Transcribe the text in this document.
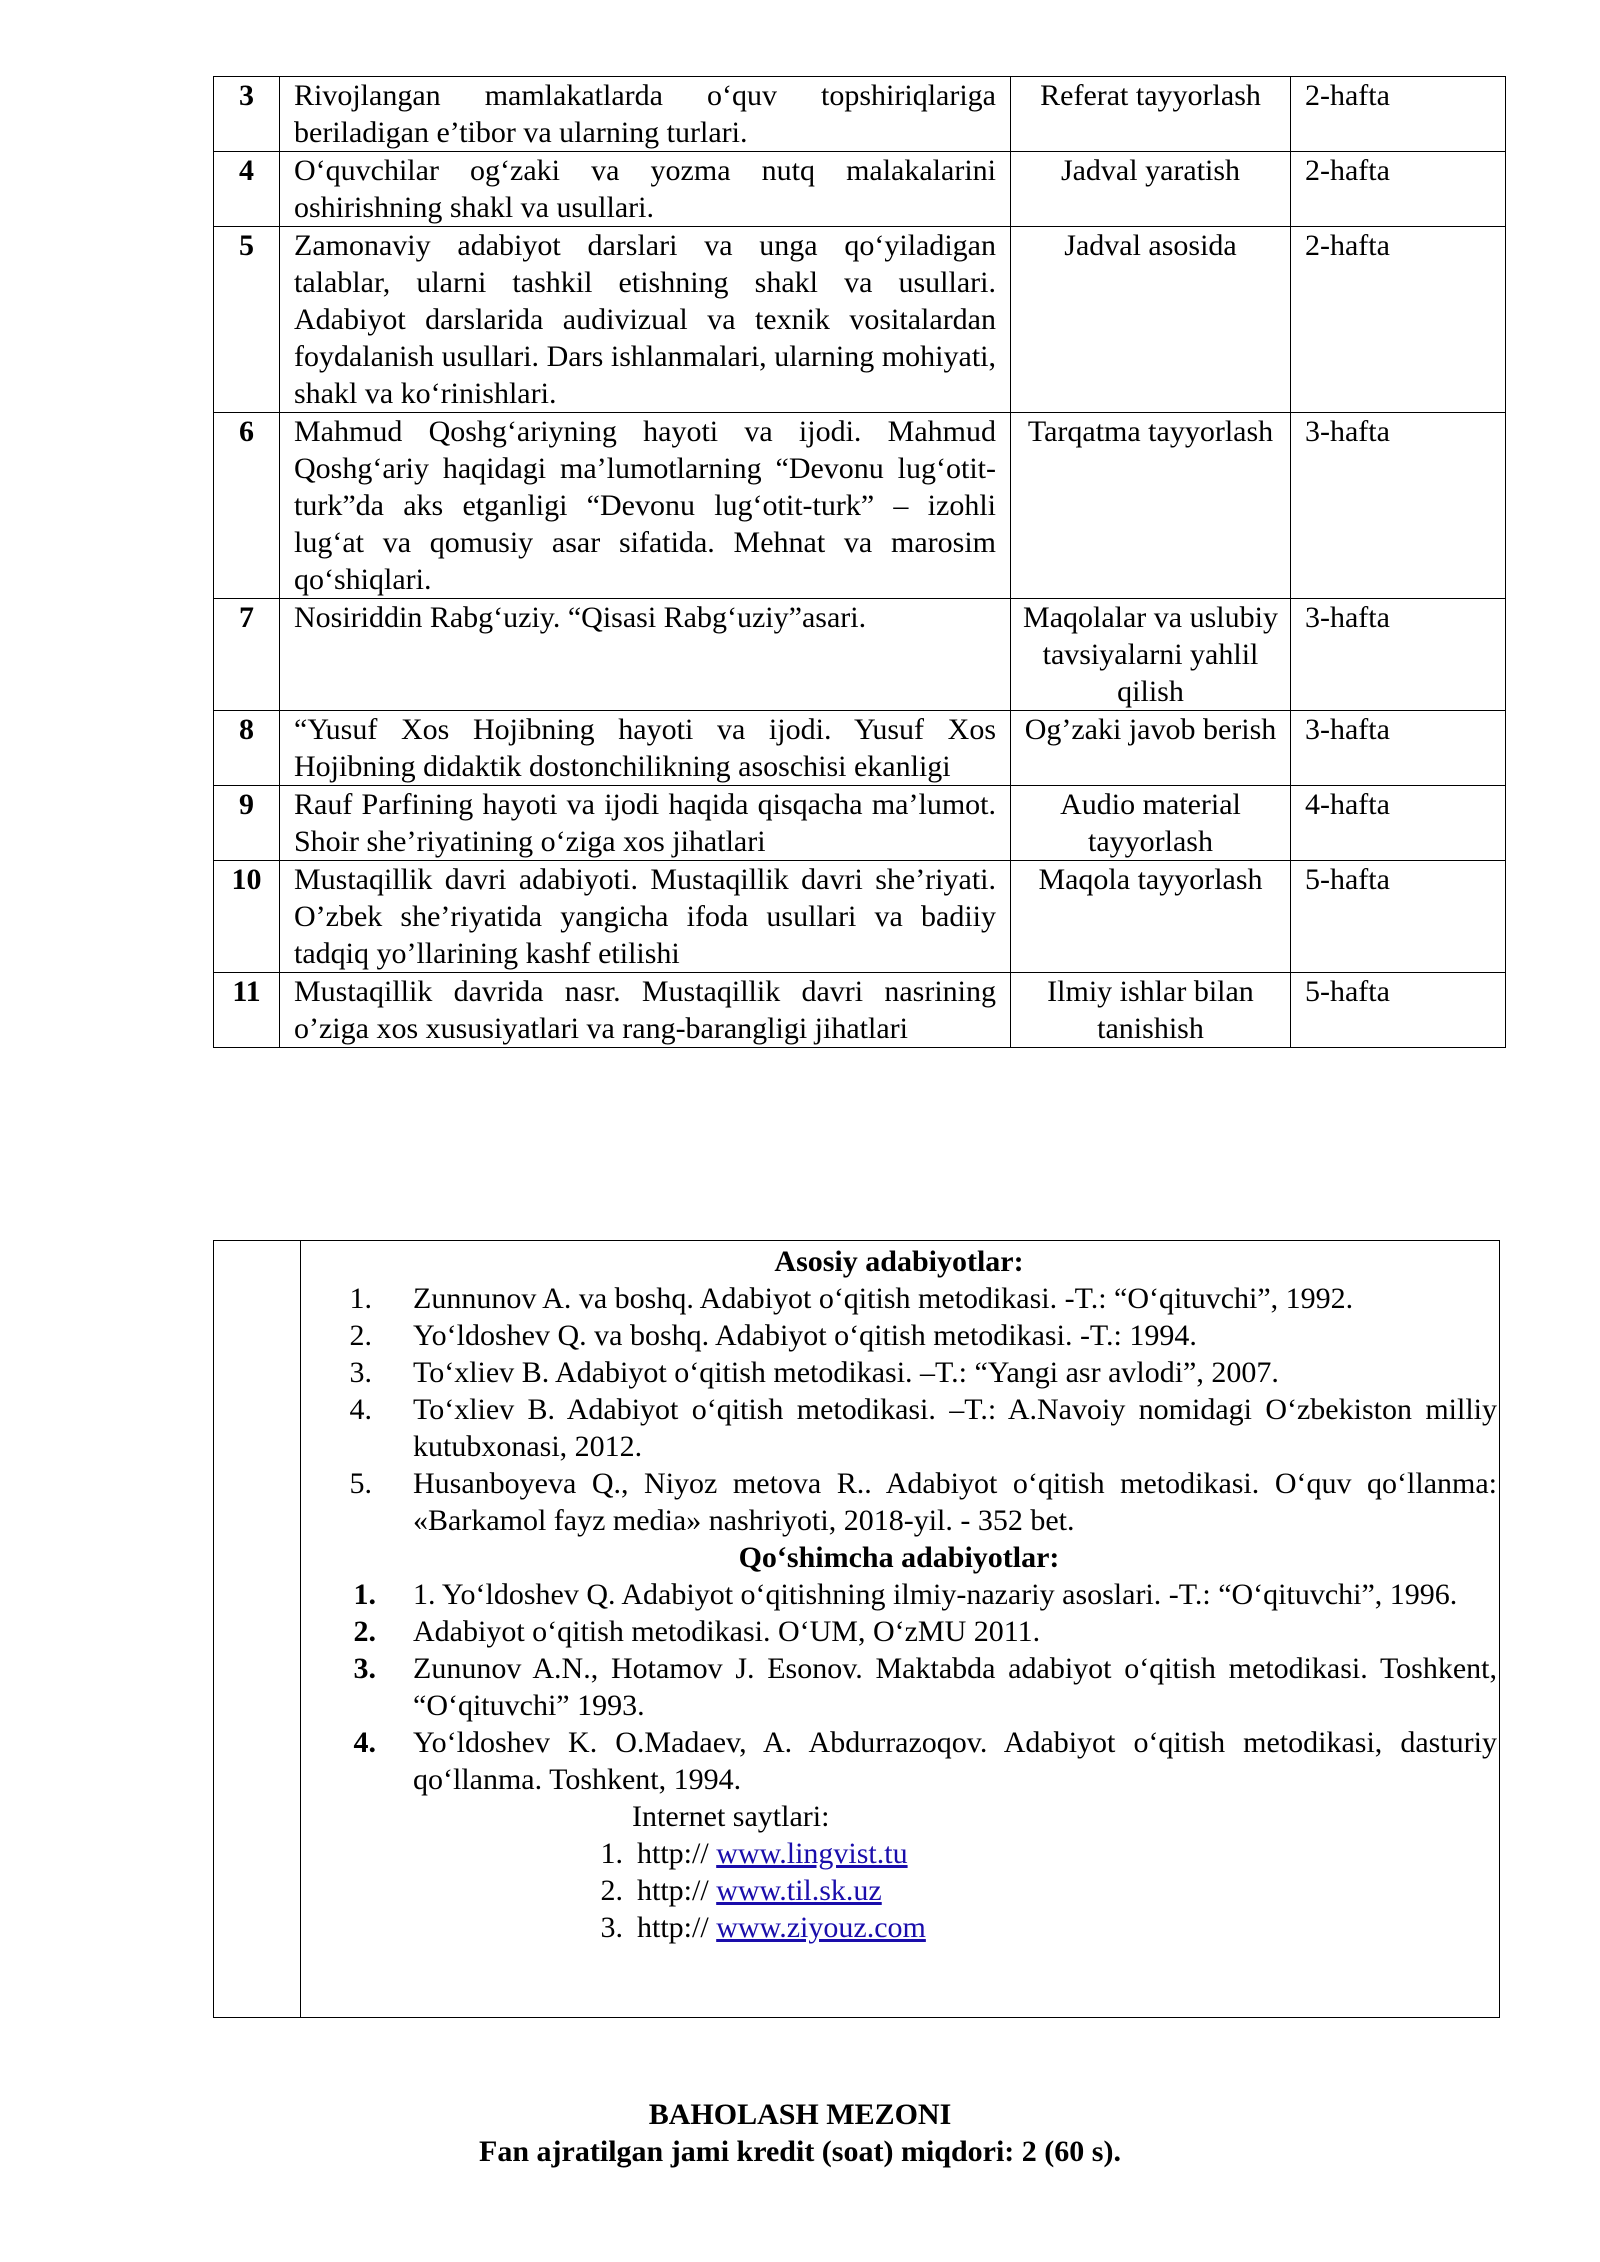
3	Rivojlangan mamlakatlarda o‘quv topshiriqlariga beriladigan e’tibor va ularning turlari.	Referat tayyorlash	2-hafta
4	O‘quvchilar og‘zaki va yozma nutq malakalarini oshirishning shakl va usullari.	Jadval yaratish	2-hafta
5	Zamonaviy adabiyot darslari va unga qo‘yiladigan talablar, ularni tashkil etishning shakl va usullari. Adabiyot darslarida audivizual va texnik vositalardan foydalanish usullari. Dars ishlanmalari, ularning mohiyati, shakl va ko‘rinishlari.	Jadval asosida	2-hafta
6	Mahmud Qoshg‘ariyning hayoti va ijodi. Mahmud Qoshg‘ariy haqidagi ma’lumotlarning “Devonu lug‘otit-turk”da aks etganligi “Devonu lug‘otit-turk” – izohli lug‘at va qomusiy asar sifatida. Mehnat va marosim qo‘shiqlari.	Tarqatma tayyorlash	3-hafta
7	Nosiriddin Rabg‘uziy. “Qisasi Rabg‘uziy”asari.	Maqolalar va uslubiy tavsiyalarni yahlil qilish	3-hafta
8	“Yusuf Xos Hojibning hayoti va ijodi. Yusuf Xos Hojibning didaktik dostonchilikning asoschisi ekanligi	Og’zaki javob berish	3-hafta
9	Rauf Parfining hayoti va ijodi haqida qisqacha ma’lumot. Shoir she’riyatining o‘ziga xos jihatlari	Audio material tayyorlash	4-hafta
10	Mustaqillik davri adabiyoti. Mustaqillik davri she’riyati. O’zbek she’riyatida yangicha ifoda usullari va badiiy tadqiq yo’llarining kashf etilishi	Maqola tayyorlash	5-hafta
11	Mustaqillik davrida nasr. Mustaqillik davri nasrining o’ziga xos xususiyatlari va rang-barangligi jihatlari	Ilmiy ishlar bilan tanishish	5-hafta
Asosiy adabiyotlar:
1.	Zunnunov A. va boshq. Adabiyot o‘qitish metodikasi. -T.: “O‘qituvchi”, 1992.
2.	Yo‘ldoshev Q. va boshq. Adabiyot o‘qitish metodikasi. -T.: 1994.
3.	To‘xliev B. Adabiyot o‘qitish metodikasi. –T.: “Yangi asr avlodi”, 2007.
4.	To‘xliev B. Adabiyot o‘qitish metodikasi. –T.: A.Navoiy nomidagi O‘zbekiston milliy kutubxonasi, 2012.
5.	Husanboyeva Q., Niyoz metova R.. Adabiyot o‘qitish metodikasi. O‘quv qo‘llanma: «Barkamol fayz media» nashriyoti, 2018-yil. - 352 bet.
Qo‘shimcha adabiyotlar:
1.	1. Yo‘ldoshev Q. Adabiyot o‘qitishning ilmiy-nazariy asoslari. -T.: “O‘qituvchi”, 1996.
2.	Adabiyot o‘qitish metodikasi. O‘UM, O‘zMU 2011.
3.	Zununov A.N., Hotamov J. Esonov. Maktabda adabiyot o‘qitish metodikasi. Toshkent, “O‘qituvchi” 1993.
4.	Yo‘ldoshev K. O.Madaev, A. Abdurrazoqov. Adabiyot o‘qitish metodikasi, dasturiy qo‘llanma. Toshkent, 1994.
Internet saytlari:
1. http:// www.lingvist.tu
2. http:// www.til.sk.uz
3. http:// www.ziyouz.com
BAHOLASH MEZONI
Fan ajratilgan jami kredit (soat) miqdori: 2 (60 s).
